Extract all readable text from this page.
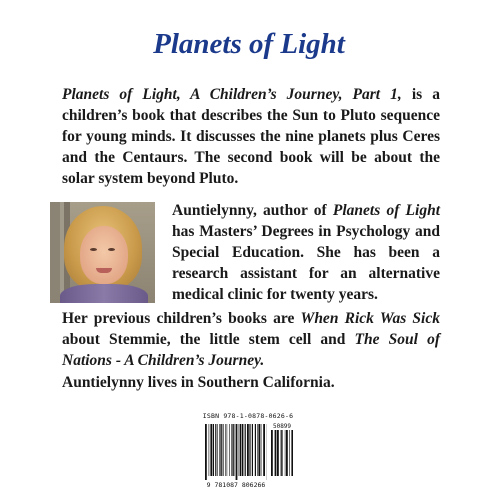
Planets of Light

Planets of Light, A Children’s Journey, Part 1, is a children’s book that describes the Sun to Pluto sequence for young minds. It discusses the nine planets plus Ceres and the Centaurs. The second book will be about the solar system beyond Pluto.

Auntielynny, author of Planets of Light has Masters’ Degrees in Psychology and Special Education. She has been a research assistant for an alternative medical clinic for twenty years.

Her previous children’s books are When Rick Was Sick about Stemmie, the little stem cell and The Soul of Nations - A Children’s Journey.

Auntielynny lives in Southern California.

ISBN 978-1-0878-0626-6
50899
9 781087 806266
